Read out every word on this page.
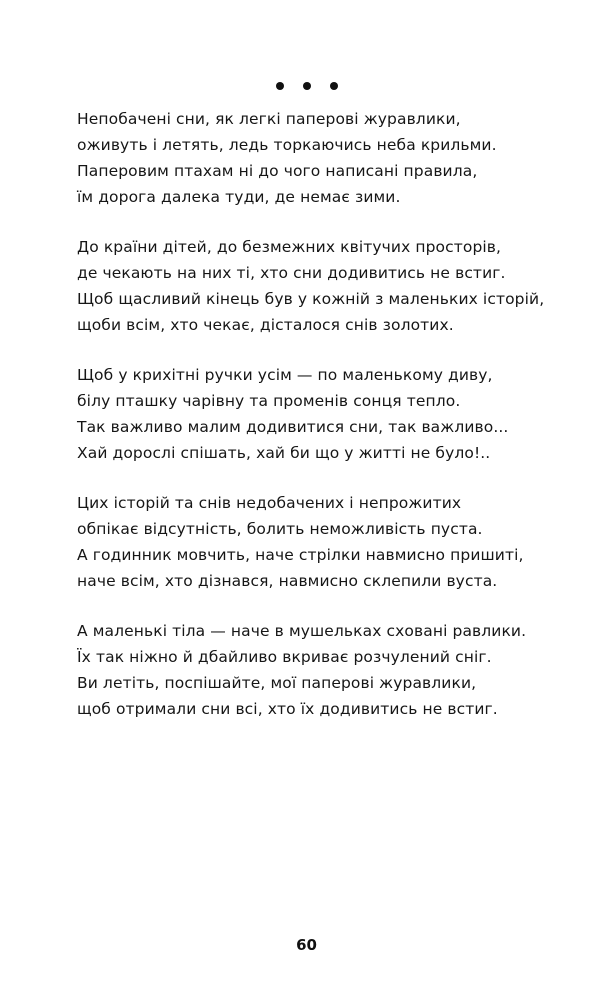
Непобачені сни, як легкі паперові журавлики,
оживуть і летять, ледь торкаючись неба крильми.
Паперовим птахам ні до чого написані правила,
їм дорога далека туди, де немає зими.
До країни дітей, до безмежних квітучих просторів,
де чекають на них ті, хто сни додивитись не встиг.
Щоб щасливий кінець був у кожній з маленьких історій,
щоби всім, хто чекає, дісталося снів золотих.
Щоб у крихітні ручки усім — по маленькому диву,
білу пташку чарівну та променів сонця тепло.
Так важливо малим додивитися сни, так важливо...
Хай дорослі спішать, хай би що у житті не було!..
Цих історій та снів недобачених і непрожитих
обпікає відсутність, болить неможливість пуста.
А годинник мовчить, наче стрілки навмисно пришиті,
наче всім, хто дізнався, навмисно склепили вуста.
А маленькі тіла — наче в мушельках сховані равлики.
Їх так ніжно й дбайливо вкриває розчулений сніг.
Ви летіть, поспішайте, мої паперові журавлики,
щоб отримали сни всі, хто їх додивитись не встиг.
60
